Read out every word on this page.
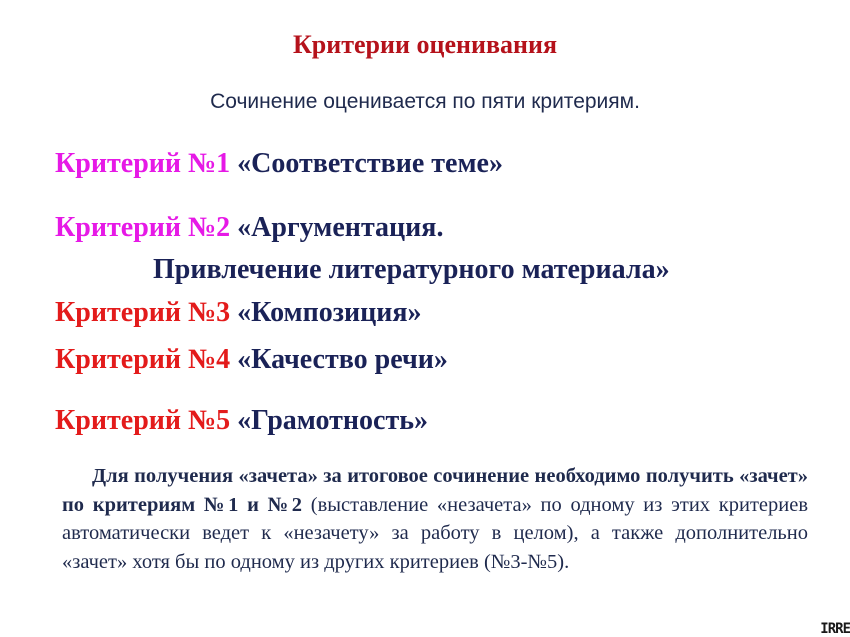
Критерии оценивания
Сочинение оценивается по пяти критериям.
Критерий №1 «Соответствие теме»
Критерий №2 «Аргументация.
Привлечение литературного материала»
Критерий №3 «Композиция»
Критерий №4 «Качество речи»
Критерий №5 «Грамотность»
Для получения «зачета» за итоговое сочинение необходимо получить «зачет» по критериям №1 и №2 (выставление «незачета» по одному из этих критериев автоматически ведет к «незачету» за работу в целом), а также дополнительно «зачет» хотя бы по одному из других критериев (№3-№5).
IRRE
